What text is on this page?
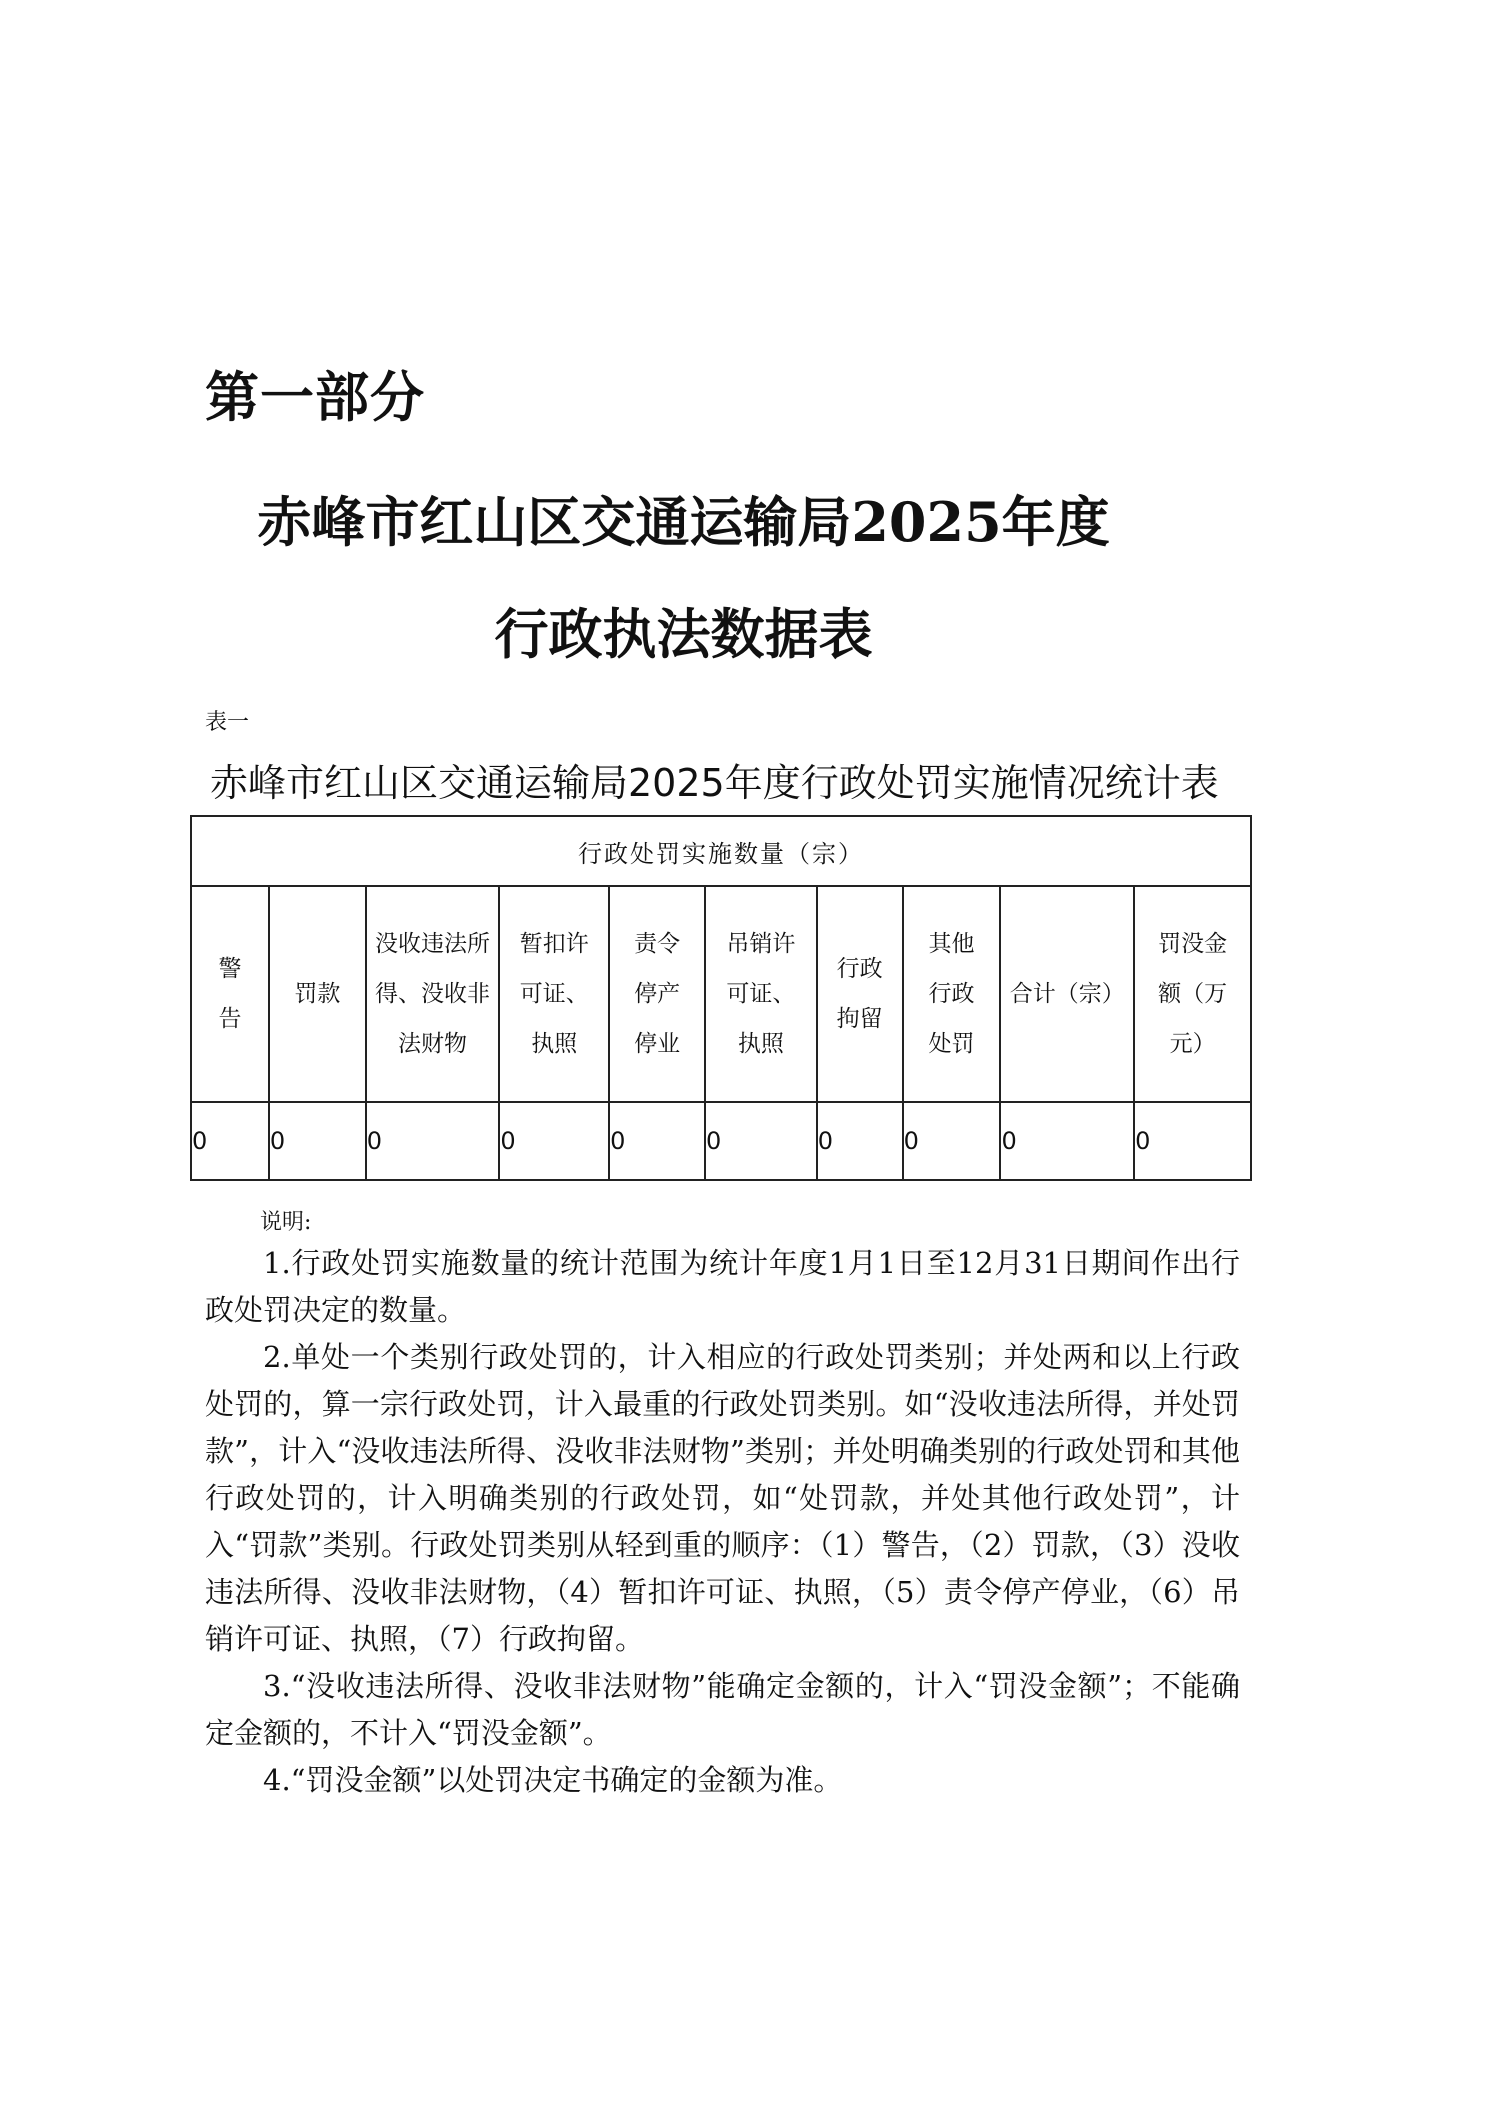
第一部分
赤峰市红山区交通运输局2025年度
行政执法数据表
表一
赤峰市红山区交通运输局2025年度行政处罚实施情况统计表
行政处罚实施数量（宗）									
警告	罚款	没收违法所得、没收非法财物	暂扣许可证、执照	责令停产停业	吊销许可证、执照	行政拘留	其他行政处罚	合计（宗）	罚没金额（万元）
0	0	0	0	0	0	0	0	0	0
说明:

1.行政处罚实施数量的统计范围为统计年度1月1日至12月31日期间作出行政处罚决定的数量。

2.单处一个类别行政处罚的，计入相应的行政处罚类别；并处两和以上行政处罚的，算一宗行政处罚，计入最重的行政处罚类别。如“没收违法所得，并处罚款”，计入“没收违法所得、没收非法财物”类别；并处明确类别的行政处罚和其他行政处罚的，计入明确类别的行政处罚，如“处罚款，并处其他行政处罚”，计入“罚款”类别。行政处罚类别从轻到重的顺序：（1）警告，（2）罚款，（3）没收违法所得、没收非法财物，（4）暂扣许可证、执照，（5）责令停产停业，（6）吊销许可证、执照，（7）行政拘留。

3.“没收违法所得、没收非法财物”能确定金额的，计入“罚没金额”；不能确定金额的，不计入“罚没金额”。

4.“罚没金额”以处罚决定书确定的金额为准。
